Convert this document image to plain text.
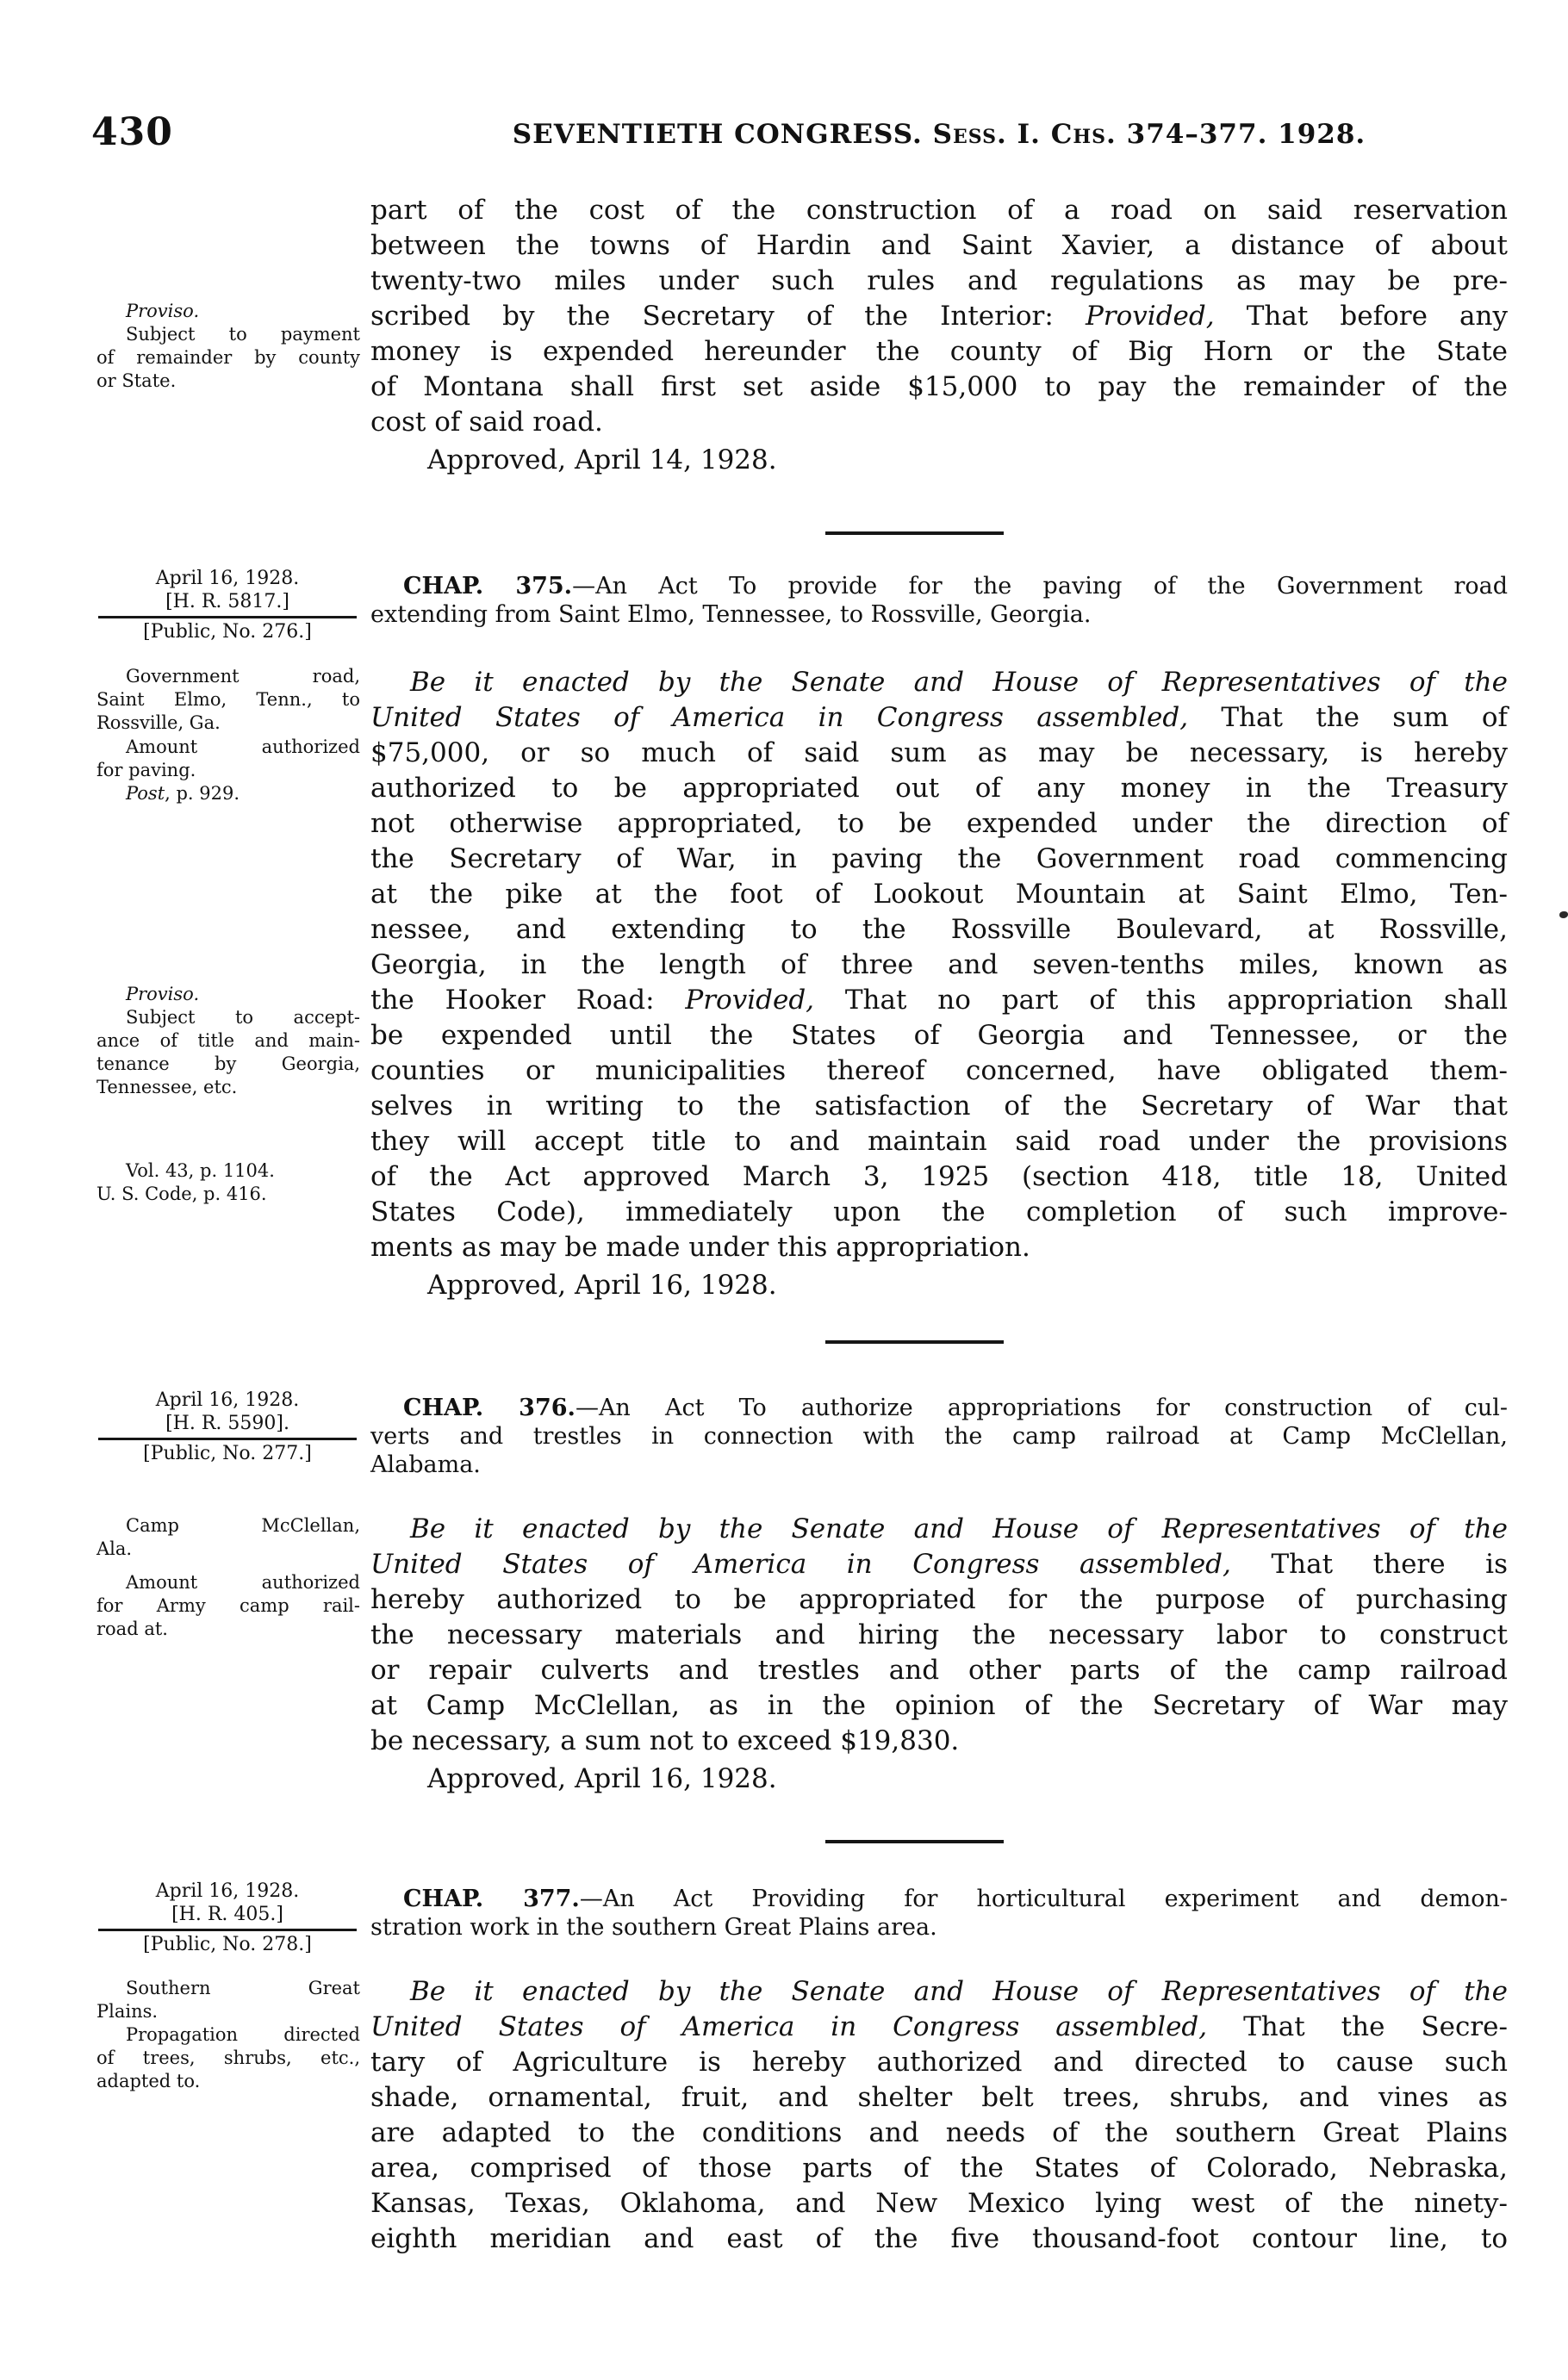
430	SEVENTIETH CONGRESS. Sess. I. Chs. 374–377. 1928.
Proviso.
Subject to payment
of remainder by county
or State.
part of the cost of the construction of a road on said reservation
between the towns of Hardin and Saint Xavier, a distance of about
twenty-two miles under such rules and regulations as may be pre-
scribed by the Secretary of the Interior: Provided, That before any
money is expended hereunder the county of Big Horn or the State
of Montana shall first set aside $15,000 to pay the remainder of the
cost of said road.
Approved, April 14, 1928.
April 16, 1928.
[H. R. 5817.]
[Public, No. 276.]
CHAP. 375.—An Act To provide for the paving of the Government road
extending from Saint Elmo, Tennessee, to Rossville, Georgia.
Government road,
Saint Elmo, Tenn., to
Rossville, Ga.
Amount authorized
for paving.
Post, p. 929.
Proviso.
Subject to accept-
ance of title and main-
tenance by Georgia,
Tennessee, etc.
Vol. 43, p. 1104.
U. S. Code, p. 416.
Be it enacted by the Senate and House of Representatives of the
United States of America in Congress assembled, That the sum of
$75,000, or so much of said sum as may be necessary, is hereby
authorized to be appropriated out of any money in the Treasury
not otherwise appropriated, to be expended under the direction of
the Secretary of War, in paving the Government road commencing
at the pike at the foot of Lookout Mountain at Saint Elmo, Ten-
nessee, and extending to the Rossville Boulevard, at Rossville,
Georgia, in the length of three and seven-tenths miles, known as
the Hooker Road: Provided, That no part of this appropriation shall
be expended until the States of Georgia and Tennessee, or the
counties or municipalities thereof concerned, have obligated them-
selves in writing to the satisfaction of the Secretary of War that
they will accept title to and maintain said road under the provisions
of the Act approved March 3, 1925 (section 418, title 18, United
States Code), immediately upon the completion of such improve-
ments as may be made under this appropriation.
Approved, April 16, 1928.
April 16, 1928.
[H. R. 5590].
[Public, No. 277.]
CHAP. 376.—An Act To authorize appropriations for construction of cul-
verts and trestles in connection with the camp railroad at Camp McClellan,
Alabama.
Camp McClellan,
Ala.
Amount authorized
for Army camp rail-
road at.
Be it enacted by the Senate and House of Representatives of the
United States of America in Congress assembled, That there is
hereby authorized to be appropriated for the purpose of purchasing
the necessary materials and hiring the necessary labor to construct
or repair culverts and trestles and other parts of the camp railroad
at Camp McClellan, as in the opinion of the Secretary of War may
be necessary, a sum not to exceed $19,830.
Approved, April 16, 1928.
April 16, 1928.
[H. R. 405.]
[Public, No. 278.]
CHAP. 377.—An Act Providing for horticultural experiment and demon-
stration work in the southern Great Plains area.
Southern Great
Plains.
Propagation directed
of trees, shrubs, etc.,
adapted to.
Be it enacted by the Senate and House of Representatives of the
United States of America in Congress assembled, That the Secre-
tary of Agriculture is hereby authorized and directed to cause such
shade, ornamental, fruit, and shelter belt trees, shrubs, and vines as
are adapted to the conditions and needs of the southern Great Plains
area, comprised of those parts of the States of Colorado, Nebraska,
Kansas, Texas, Oklahoma, and New Mexico lying west of the ninety-
eighth meridian and east of the five thousand-foot contour line, to
